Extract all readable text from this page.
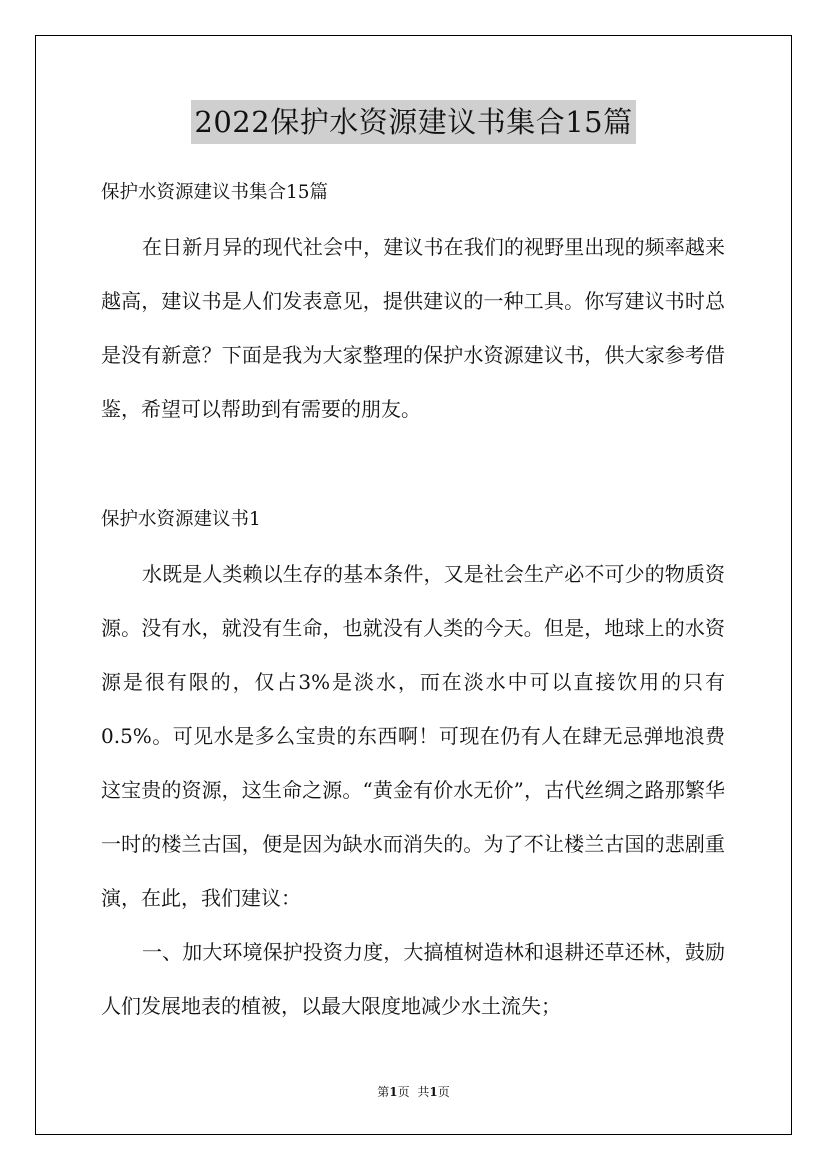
2022保护水资源建议书集合15篇

保护水资源建议书集合15篇

在日新月异的现代社会中，建议书在我们的视野里出现的频率越来越高，建议书是人们发表意见，提供建议的一种工具。你写建议书时总是没有新意？下面是我为大家整理的保护水资源建议书，供大家参考借鉴，希望可以帮助到有需要的朋友。

保护水资源建议书1

水既是人类赖以生存的基本条件，又是社会生产必不可少的物质资源。没有水，就没有生命，也就没有人类的今天。但是，地球上的水资源是很有限的，仅占3%是淡水，而在淡水中可以直接饮用的只有0.5%。可见水是多么宝贵的东西啊！可现在仍有人在肆无忌弹地浪费这宝贵的资源，这生命之源。“黄金有价水无价”，古代丝绸之路那繁华一时的楼兰古国，便是因为缺水而消失的。为了不让楼兰古国的悲剧重演，在此，我们建议：

一、加大环境保护投资力度，大搞植树造林和退耕还草还林，鼓励人们发展地表的植被，以最大限度地减少水土流失；

第1页 共1页
